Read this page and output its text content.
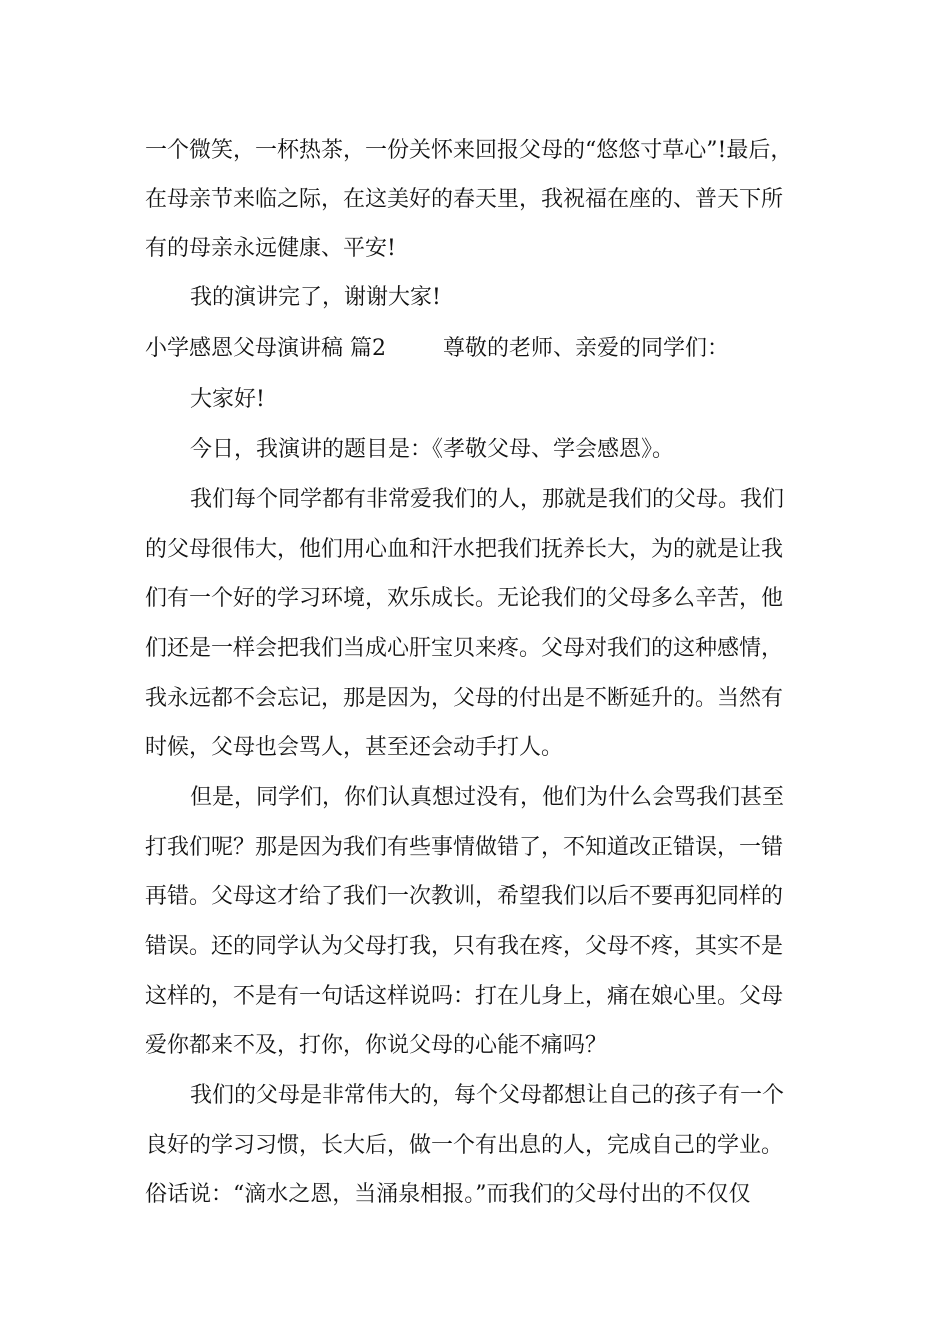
一个微笑，一杯热茶，一份关怀来回报父母的“悠悠寸草心”!最后，
在母亲节来临之际，在这美好的春天里，我祝福在座的、普天下所
有的母亲永远健康、平安!
我的演讲完了，谢谢大家!
小学感恩父母演讲稿 篇2	尊敬的老师、亲爱的同学们：
大家好!
今日，我演讲的题目是：《孝敬父母、学会感恩》。
我们每个同学都有非常爱我们的人，那就是我们的父母。我们
的父母很伟大，他们用心血和汗水把我们抚养长大，为的就是让我
们有一个好的学习环境，欢乐成长。无论我们的父母多么辛苦，他
们还是一样会把我们当成心肝宝贝来疼。父母对我们的这种感情，
我永远都不会忘记，那是因为，父母的付出是不断延升的。当然有
时候，父母也会骂人，甚至还会动手打人。
但是，同学们，你们认真想过没有，他们为什么会骂我们甚至
打我们呢？那是因为我们有些事情做错了，不知道改正错误，一错
再错。父母这才给了我们一次教训，希望我们以后不要再犯同样的
错误。还的同学认为父母打我，只有我在疼，父母不疼，其实不是
这样的，不是有一句话这样说吗：打在儿身上，痛在娘心里。父母
爱你都来不及，打你，你说父母的心能不痛吗？
我们的父母是非常伟大的，每个父母都想让自己的孩子有一个
良好的学习习惯，长大后，做一个有出息的人，完成自己的学业。
俗话说：“滴水之恩，当涌泉相报。”而我们的父母付出的不仅仅
